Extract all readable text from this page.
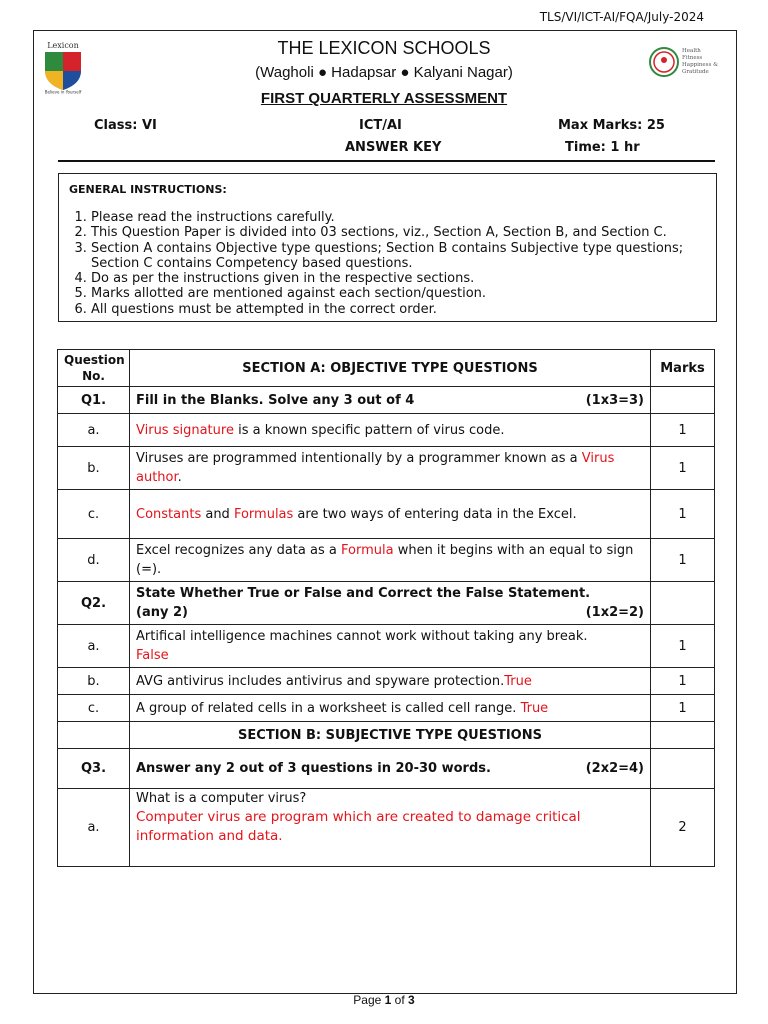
TLS/VI/ICT-AI/FQA/July-2024
Lexicon
Believe in Yourself
Health
Fitness
Happiness &
Gratitude
THE LEXICON SCHOOLS
(Wagholi ● Hadapsar ● Kalyani Nagar)
FIRST QUARTERLY ASSESSMENT
Class: VI	ICT/AI	Max Marks: 25
ANSWER KEY	Time: 1 hr
GENERAL INSTRUCTIONS:
1. Please read the instructions carefully.
2. This Question Paper is divided into 03 sections, viz., Section A, Section B, and Section C.
3. Section A contains Objective type questions; Section B contains Subjective type questions; Section C contains Competency based questions.
4. Do as per the instructions given in the respective sections.
5. Marks allotted are mentioned against each section/question.
6. All questions must be attempted in the correct order.
Question No.	SECTION A: OBJECTIVE TYPE QUESTIONS	Marks
Q1.	Fill in the Blanks. Solve any 3 out of 4 (1x3=3)	

a.	Virus signature is a known specific pattern of virus code.	1
b.	Viruses are programmed intentionally by a programmer known as a Virus author.	1
c.	Constants and Formulas are two ways of entering data in the Excel.	1
d.	Excel recognizes any data as a Formula when it begins with an equal to sign (=).	1
Q2.	State Whether True or False and Correct the False Statement.
(any 2) (1x2=2)	

a.	Artifical intelligence machines cannot work without taking any break.
False	1
b.	AVG antivirus includes antivirus and spyware protection.True	1
c.	A group of related cells in a worksheet is called cell range. True	1
	SECTION B: SUBJECTIVE TYPE QUESTIONS	
Q3.	Answer any 2 out of 3 questions in 20-30 words. (2x2=4)	

a.	What is a computer virus?
Computer virus are program which are created to damage critical information and data.	2
Page 1 of 3
